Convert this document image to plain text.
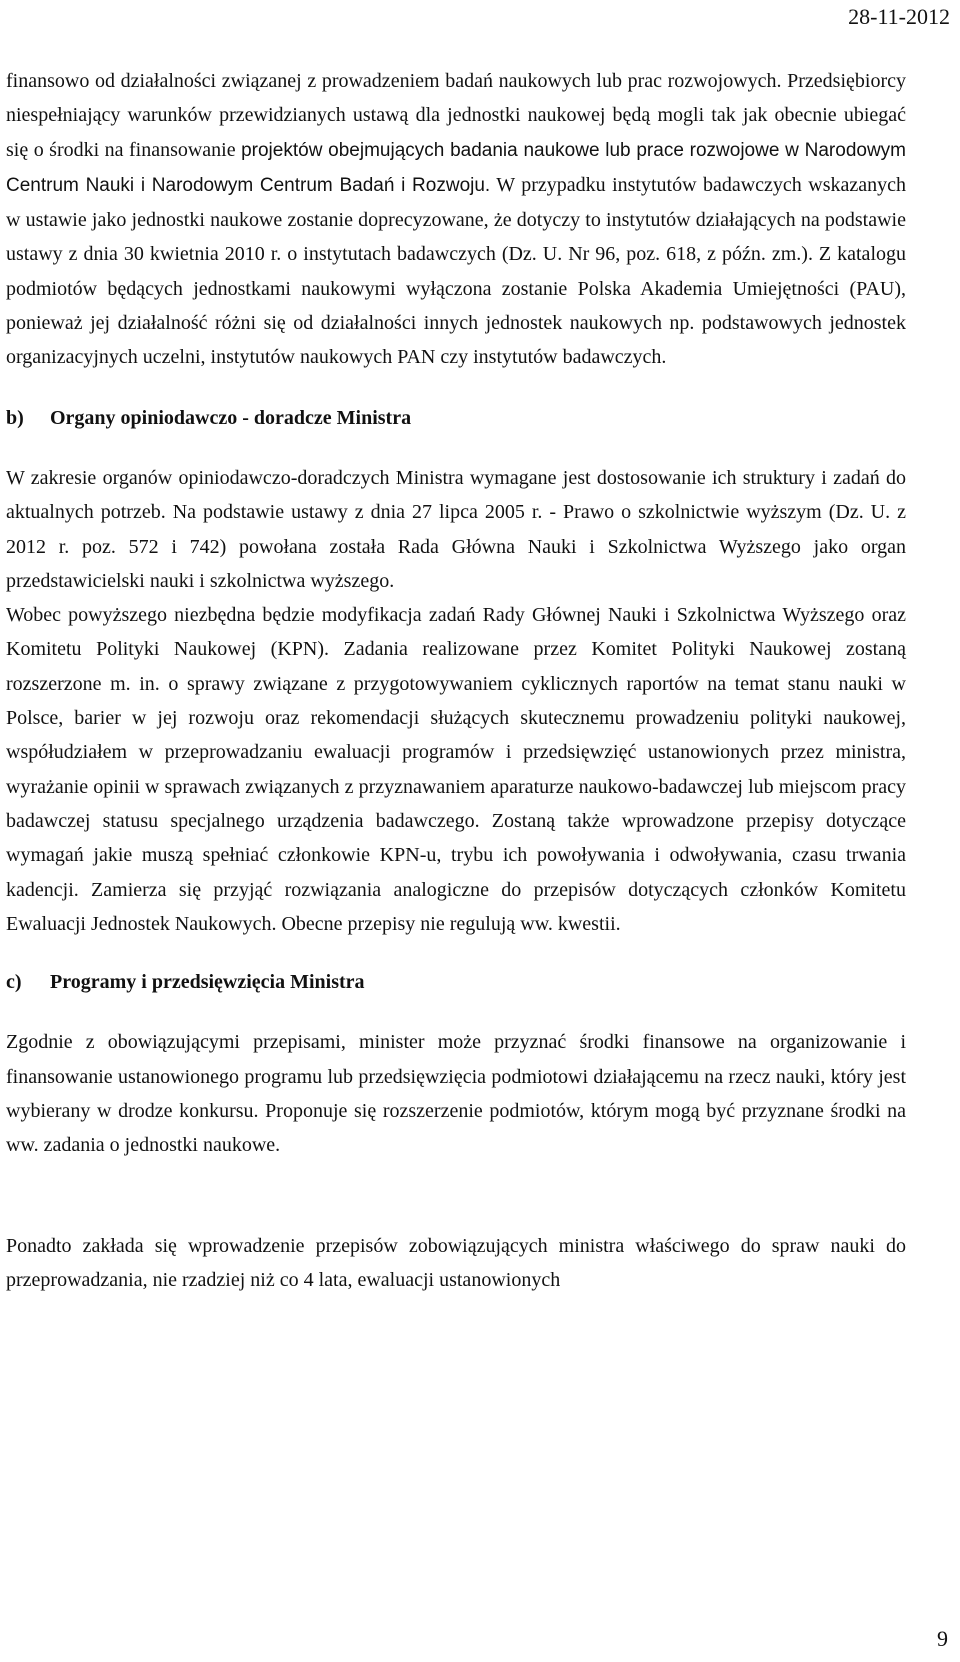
28-11-2012

finansowo od działalności związanej z prowadzeniem badań naukowych lub prac rozwojowych. Przedsiębiorcy niespełniający warunków przewidzianych ustawą dla jednostki naukowej będą mogli tak jak obecnie ubiegać się o środki na finansowanie projektów obejmujących badania naukowe lub prace rozwojowe w Narodowym Centrum Nauki i Narodowym Centrum Badań i Rozwoju. W przypadku instytutów badawczych wskazanych w ustawie jako jednostki naukowe zostanie doprecyzowane, że dotyczy to instytutów działających na podstawie ustawy z dnia 30 kwietnia 2010 r. o instytutach badawczych (Dz. U. Nr 96, poz. 618, z późn. zm.). Z katalogu podmiotów będących jednostkami naukowymi wyłączona zostanie Polska Akademia Umiejętności (PAU), ponieważ jej działalność różni się od działalności innych jednostek naukowych np. podstawowych jednostek organizacyjnych uczelni, instytutów naukowych PAN czy instytutów badawczych.

b) Organy opiniodawczo - doradcze Ministra

W zakresie organów opiniodawczo-doradczych Ministra wymagane jest dostosowanie ich struktury i zadań do aktualnych potrzeb. Na podstawie ustawy z dnia 27 lipca 2005 r. - Prawo o szkolnictwie wyższym (Dz. U. z 2012 r. poz. 572 i 742) powołana została Rada Główna Nauki i Szkolnictwa Wyższego jako organ przedstawicielski nauki i szkolnictwa wyższego.

Wobec powyższego niezbędna będzie modyfikacja zadań Rady Głównej Nauki i Szkolnictwa Wyższego oraz Komitetu Polityki Naukowej (KPN). Zadania realizowane przez Komitet Polityki Naukowej zostaną rozszerzone m. in. o sprawy związane z przygotowywaniem cyklicznych raportów na temat stanu nauki w Polsce, barier w jej rozwoju oraz rekomendacji służących skutecznemu prowadzeniu polityki naukowej, współudziałem w przeprowadzaniu ewaluacji programów i przedsięwzięć ustanowionych przez ministra, wyrażanie opinii w sprawach związanych z przyznawaniem aparaturze naukowo-badawczej lub miejscom pracy badawczej statusu specjalnego urządzenia badawczego. Zostaną także wprowadzone przepisy dotyczące wymagań jakie muszą spełniać członkowie KPN-u, trybu ich powoływania i odwoływania, czasu trwania kadencji. Zamierza się przyjąć rozwiązania analogiczne do przepisów dotyczących członków Komitetu Ewaluacji Jednostek Naukowych. Obecne przepisy nie regulują ww. kwestii.

c) Programy i przedsięwzięcia Ministra

Zgodnie z obowiązującymi przepisami, minister może przyznać środki finansowe na organizowanie i finansowanie ustanowionego programu lub przedsięwzięcia podmiotowi działającemu na rzecz nauki, który jest wybierany w drodze konkursu. Proponuje się rozszerzenie podmiotów, którym mogą być przyznane środki na ww. zadania o jednostki naukowe.

Ponadto zakłada się wprowadzenie przepisów zobowiązujących ministra właściwego do spraw nauki do przeprowadzania, nie rzadziej niż co 4 lata, ewaluacji ustanowionych

9
